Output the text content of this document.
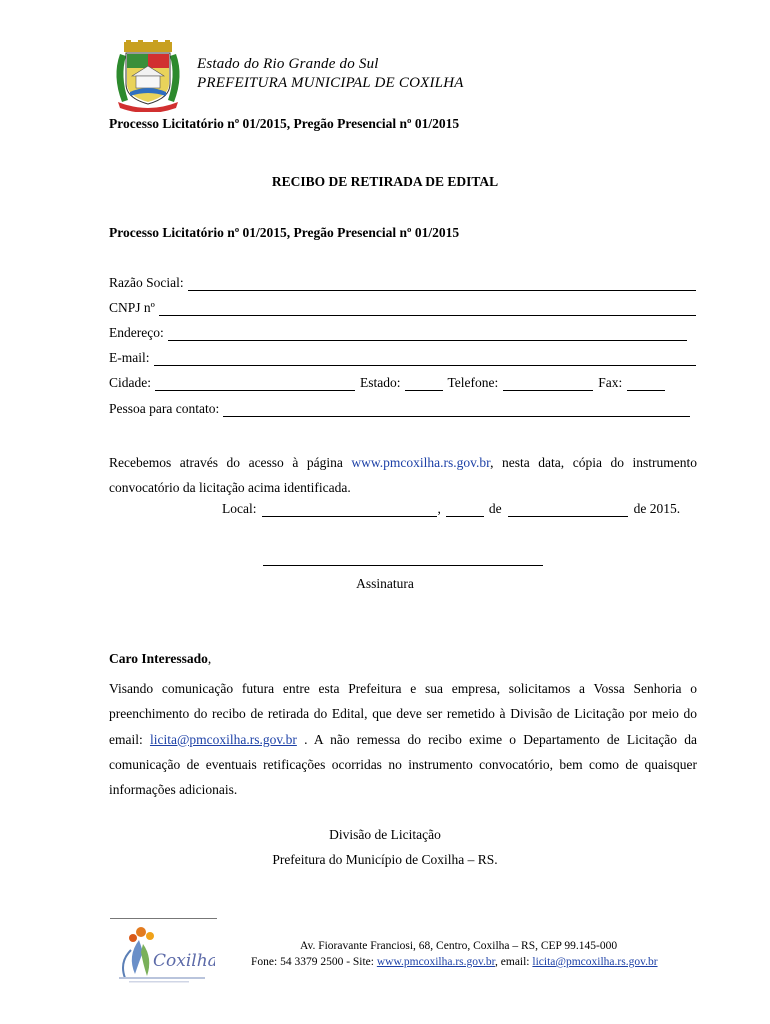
Estado do Rio Grande do Sul
PREFEITURA MUNICIPAL DE COXILHA
Processo Licitatório nº 01/2015, Pregão Presencial nº 01/2015
RECIBO DE RETIRADA DE EDITAL
Processo Licitatório nº 01/2015, Pregão Presencial nº 01/2015
Razão Social:
CNPJ nº
Endereço:
E-mail:
Cidade:	Estado:	Telefone:	Fax:
Pessoa para contato:
Recebemos através do acesso à página www.pmcoxilha.rs.gov.br, nesta data, cópia do instrumento convocatório da licitação acima identificada.
Local:	,	de	de 2015.
Assinatura
Caro Interessado,
Visando comunicação futura entre esta Prefeitura e sua empresa, solicitamos a Vossa Senhoria o preenchimento do recibo de retirada do Edital, que deve ser remetido à Divisão de Licitação por meio do email: licita@pmcoxilha.rs.gov.br . A não remessa do recibo exime o Departamento de Licitação da comunicação de eventuais retificações ocorridas no instrumento convocatório, bem como de quaisquer informações adicionais.
Divisão de Licitação
Prefeitura do Município de Coxilha – RS.
Coxilha
Av. Fioravante Franciosi, 68, Centro, Coxilha – RS, CEP 99.145-000
Fone: 54 3379 2500 - Site: www.pmcoxilha.rs.gov.br, email: licita@pmcoxilha.rs.gov.br
